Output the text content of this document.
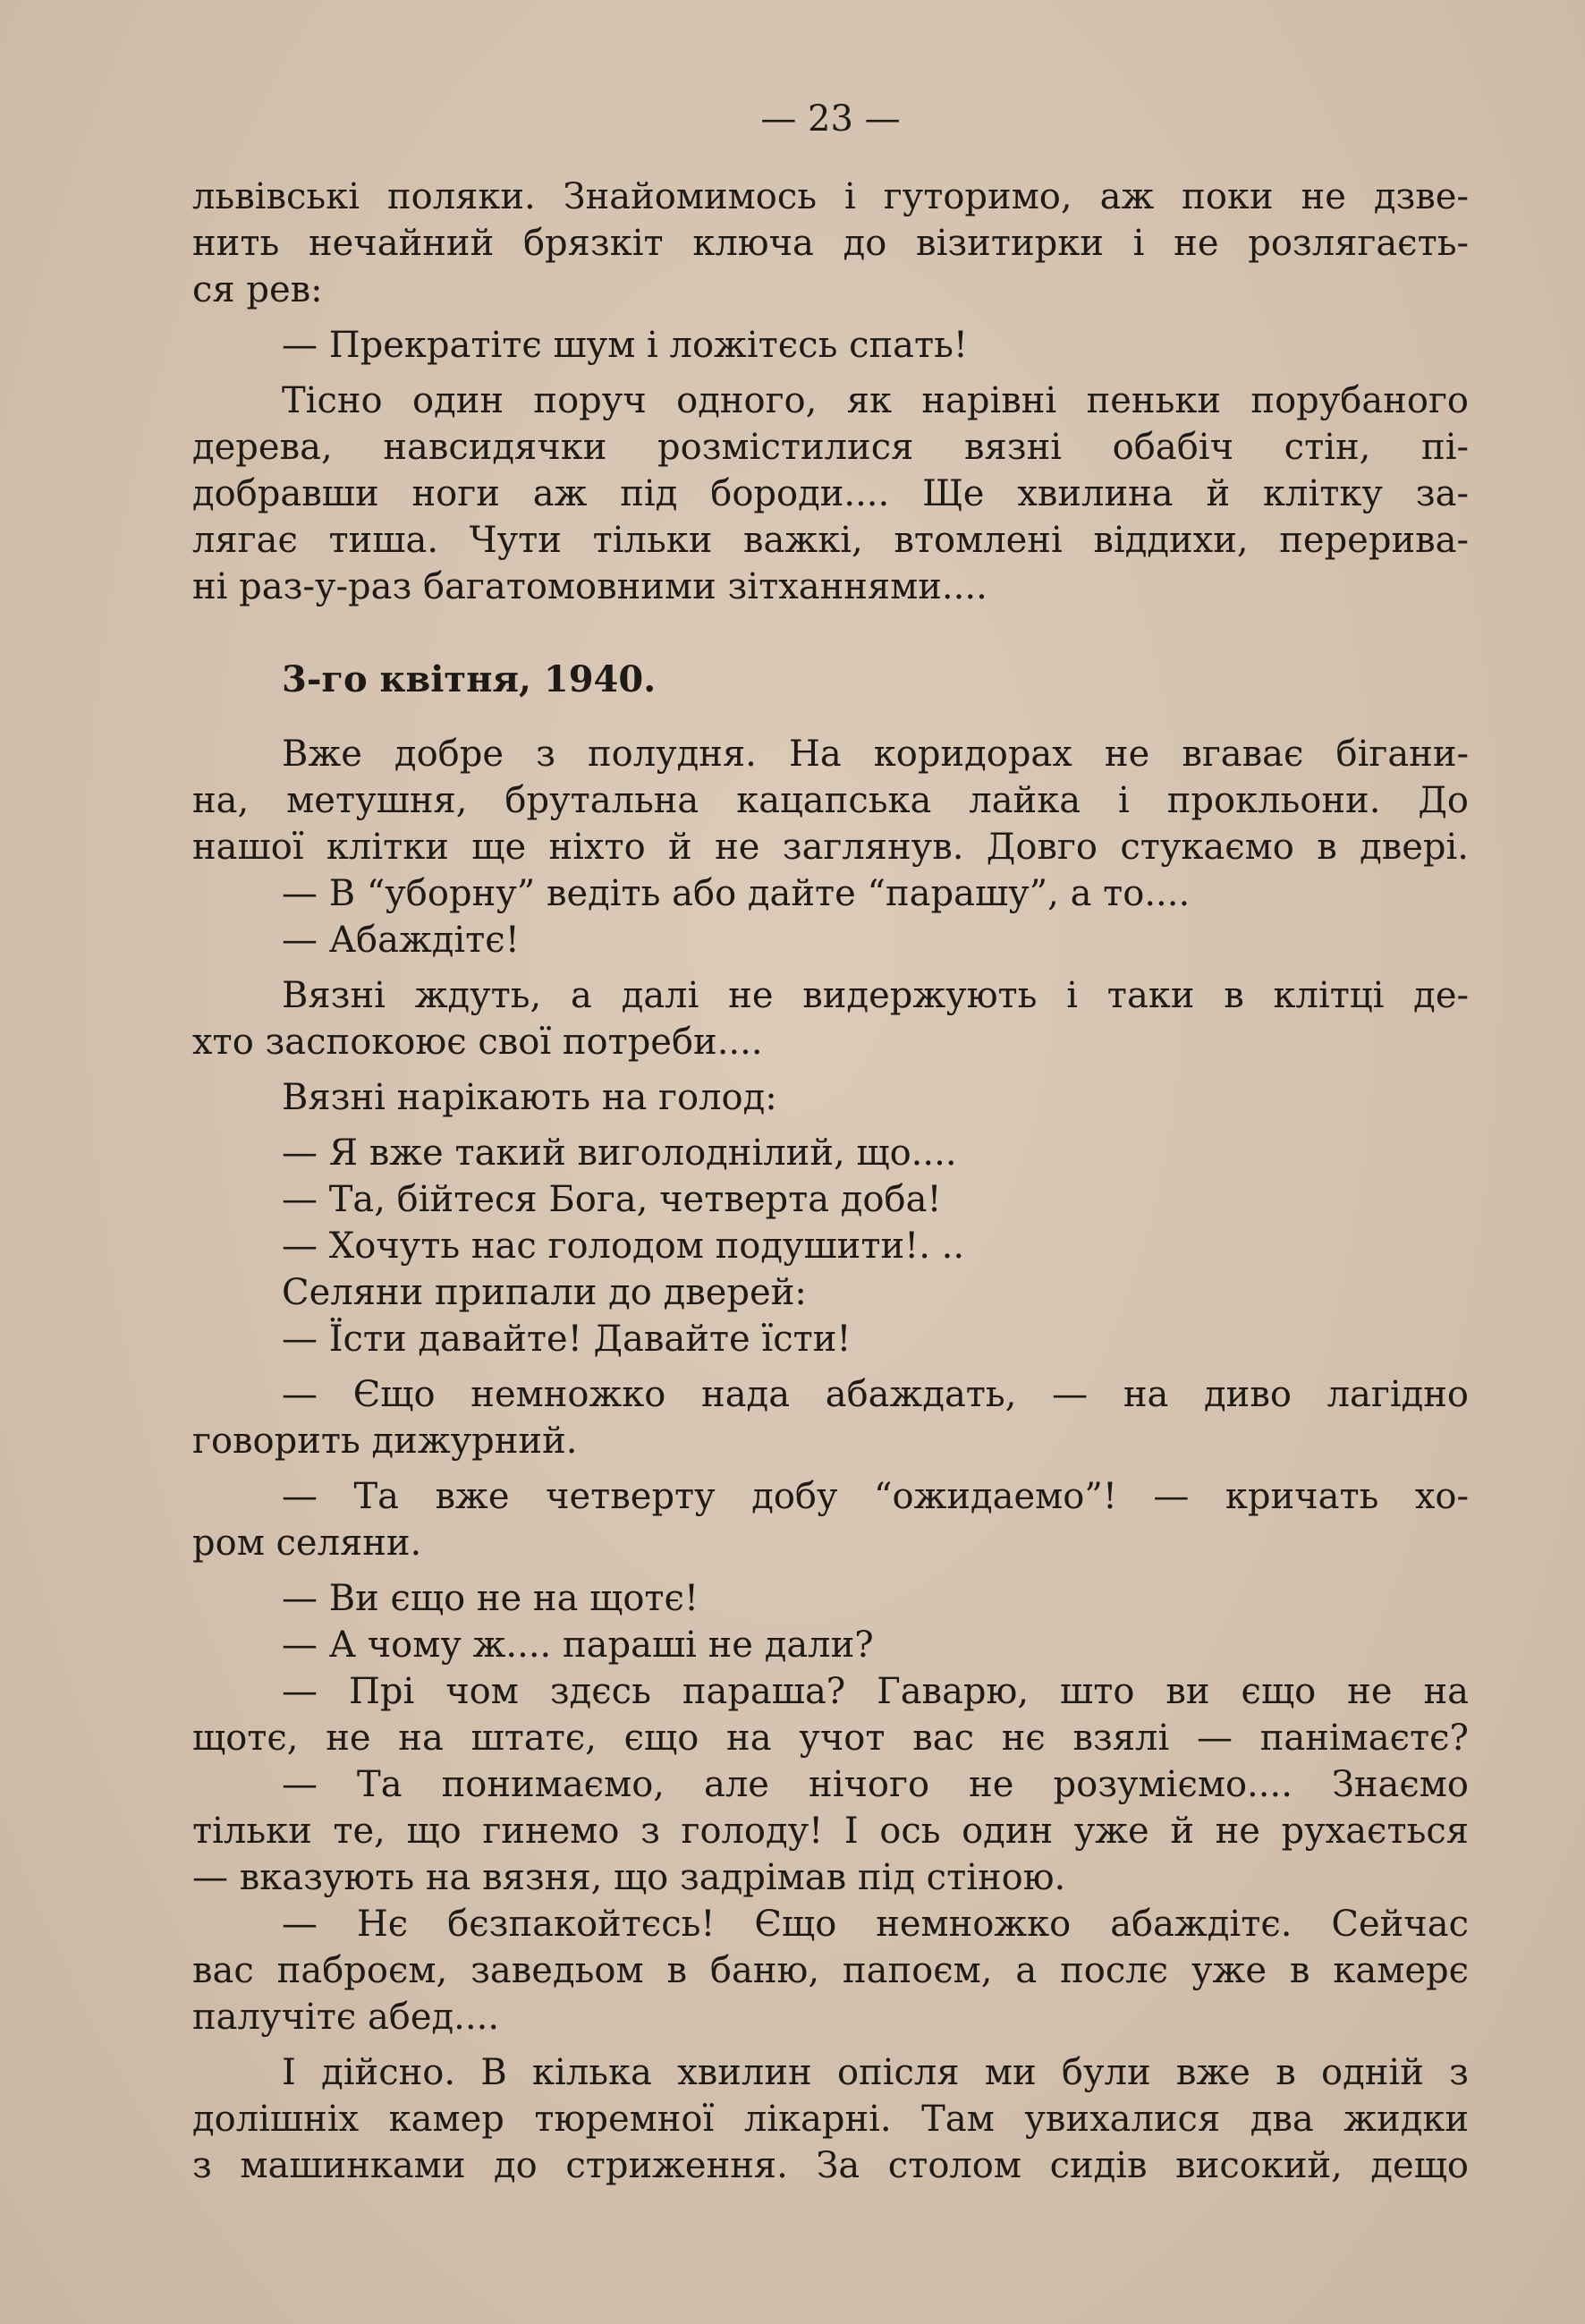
— 23 —
львівські поляки. Знайомимось і гуторимо, аж поки не дзве-
нить нечайний брязкіт ключа до візитирки і не розлягаєть-
ся рев:
— Прекратітє шум і ложітєсь спать!
Тісно один поруч одного, як нарівні пеньки порубаного
дерева, навсидячки розмістилися вязні обабіч стін, пі-
добравши ноги аж під бороди.... Ще хвилина й клітку за-
лягає тиша. Чути тільки важкі, втомлені віддихи, перерива-
ні раз-у-раз багатомовними зітханнями....
3-го квітня, 1940.
Вже добре з полудня. На коридорах не вгаває бігани-
на, метушня, брутальна кацапська лайка і прокльони. До
нашої клітки ще ніхто й не заглянув. Довго стукаємо в двері.
— В “уборну” ведіть або дайте “парашу”, а то....
— Абаждітє!
Вязні ждуть, а далі не видержують і таки в клітці де-
хто заспокоює свої потреби....
Вязні нарікають на голод:
— Я вже такий виголоднілий, що....
— Та, бійтеся Бога, четверта доба!
— Хочуть нас голодом подушити!. ..
Селяни припали до дверей:
— Їсти давайте! Давайте їсти!
— Єщо немножко нада абаждать, — на диво лагідно
говорить дижурний.
— Та вже четверту добу “ожидаемо”! — кричать хо-
ром селяни.
— Ви єщо не на щотє!
— А чому ж.... параші не дали?
— Прі чом здєсь параша? Гаварю, што ви єщо не на
щотє, не на штатє, єщо на учот вас нє взялі — панімаєтє?
— Та понимаємо, але нічого не розуміємо.... Знаємо
тільки те, що гинемо з голоду! І ось один уже й не рухається
— вказують на вязня, що задрімав під стіною.
— Нє бєзпакойтєсь! Єщо немножко абаждітє. Сейчас
вас паброєм, заведьом в баню, папоєм, а послє уже в камерє
палучітє абед....
І дійсно. В кілька хвилин опісля ми були вже в одній з
долішніх камер тюремної лікарні. Там увихалися два жидки
з машинками до стриження. За столом сидів високий, дещо
